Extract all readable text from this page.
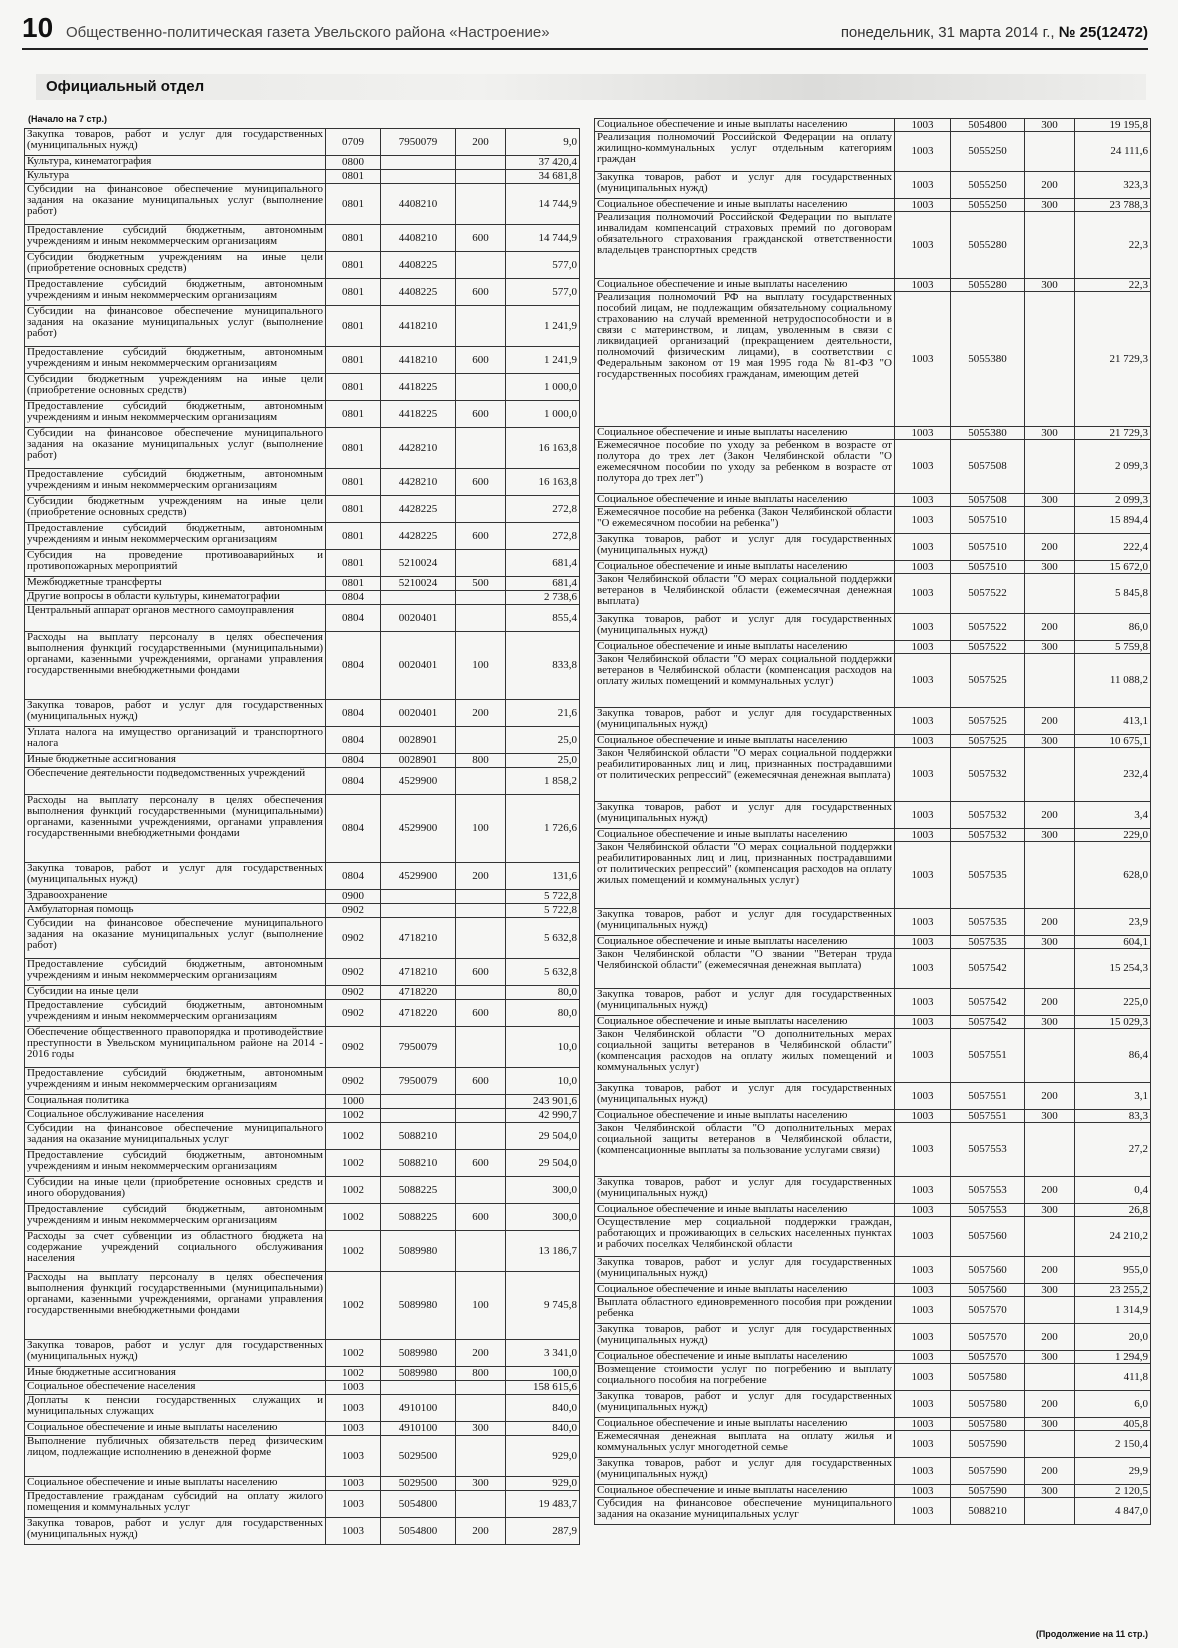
10 Общественно-политическая газета Увельского района «Настроение»	понедельник, 31 марта 2014 г., № 25(12472)
Официальный отдел
(Начало на 7 стр.)
Закупка товаров, работ и услуг для государственных (муниципальных нужд)	0709	7950079	200	9,0
Культура, кинематография	0800			37 420,4
Культура	0801			34 681,8
Субсидии на финансовое обеспечение муниципального задания на оказание муниципальных услуг (выполнение работ)	0801	4408210		14 744,9
Предоставление субсидий бюджетным, автономным учреждениям и иным некоммерческим организациям	0801	4408210	600	14 744,9
Субсидии бюджетным учреждениям на иные цели (приобретение основных средств)	0801	4408225		577,0
Предоставление субсидий бюджетным, автономным учреждениям и иным некоммерческим организациям	0801	4408225	600	577,0
Субсидии на финансовое обеспечение муниципального задания на оказание муниципальных услуг (выполнение работ)	0801	4418210		1 241,9
Предоставление субсидий бюджетным, автономным учреждениям и иным некоммерческим организациям	0801	4418210	600	1 241,9
Субсидии бюджетным учреждениям на иные цели (приобретение основных средств)	0801	4418225		1 000,0
Предоставление субсидий бюджетным, автономным учреждениям и иным некоммерческим организациям	0801	4418225	600	1 000,0
Субсидии на финансовое обеспечение муниципального задания на оказание муниципальных услуг (выполнение работ)	0801	4428210		16 163,8
Предоставление субсидий бюджетным, автономным учреждениям и иным некоммерческим организациям	0801	4428210	600	16 163,8
Субсидии бюджетным учреждениям на иные цели (приобретение основных средств)	0801	4428225		272,8
Предоставление субсидий бюджетным, автономным учреждениям и иным некоммерческим организациям	0801	4428225	600	272,8
Субсидия на проведение противоаварийных и противопожарных мероприятий	0801	5210024		681,4
Межбюджетные трансферты	0801	5210024	500	681,4
Другие вопросы в области культуры, кинематографии	0804			2 738,6
Центральный аппарат органов местного самоуправления	0804	0020401		855,4
Расходы на выплату персоналу в целях обеспечения выполнения функций государственными (муниципальными) органами, казенными учреждениями, органами управления государственными внебюджетными фондами	0804	0020401	100	833,8
Закупка товаров, работ и услуг для государственных (муниципальных нужд)	0804	0020401	200	21,6
Уплата налога на имущество организаций и транспортного налога	0804	0028901		25,0
Иные бюджетные ассигнования	0804	0028901	800	25,0
Обеспечение деятельности подведомственных учреждений	0804	4529900		1 858,2
Расходы на выплату персоналу в целях обеспечения выполнения функций государственными (муниципальными) органами, казенными учреждениями, органами управления государственными внебюджетными фондами	0804	4529900	100	1 726,6
Закупка товаров, работ и услуг для государственных (муниципальных нужд)	0804	4529900	200	131,6
Здравоохранение	0900			5 722,8
Амбулаторная помощь	0902			5 722,8
Субсидии на финансовое обеспечение муниципального задания на оказание муниципальных услуг (выполнение работ)	0902	4718210		5 632,8
Предоставление субсидий бюджетным, автономным учреждениям и иным некоммерческим организациям	0902	4718210	600	5 632,8
Субсидии на иные цели	0902	4718220		80,0
Предоставление субсидий бюджетным, автономным учреждениям и иным некоммерческим организациям	0902	4718220	600	80,0
Обеспечение общественного правопорядка и противодействие преступности в Увельском муниципальном районе на 2014 - 2016 годы	0902	7950079		10,0
Предоставление субсидий бюджетным, автономным учреждениям и иным некоммерческим организациям	0902	7950079	600	10,0
Социальная политика	1000			243 901,6
Социальное обслуживание населения	1002			42 990,7
Субсидии на финансовое обеспечение муниципального задания на оказание муниципальных услуг	1002	5088210		29 504,0
Предоставление субсидий бюджетным, автономным учреждениям и иным некоммерческим организациям	1002	5088210	600	29 504,0
Субсидии на иные цели (приобретение основных средств и иного оборудования)	1002	5088225		300,0
Предоставление субсидий бюджетным, автономным учреждениям и иным некоммерческим организациям	1002	5088225	600	300,0
Расходы за счет субвенции из областного бюджета на содержание учреждений социального обслуживания населения	1002	5089980		13 186,7
Расходы на выплату персоналу в целях обеспечения выполнения функций государственными (муниципальными) органами, казенными учреждениями, органами управления государственными внебюджетными фондами	1002	5089980	100	9 745,8
Закупка товаров, работ и услуг для государственных (муниципальных нужд)	1002	5089980	200	3 341,0
Иные бюджетные ассигнования	1002	5089980	800	100,0
Социальное обеспечение населения	1003			158 615,6
Доплаты к пенсии государственных служащих и муниципальных служащих	1003	4910100		840,0
Социальное обеспечение и иные выплаты населению	1003	4910100	300	840,0
Выполнение публичных обязательств перед физическим лицом, подлежащие исполнению в денежной форме	1003	5029500		929,0
Социальное обеспечение и иные выплаты населению	1003	5029500	300	929,0
Предоставление гражданам субсидий на оплату жилого помещения и коммунальных услуг	1003	5054800		19 483,7
Закупка товаров, работ и услуг для государственных (муниципальных нужд)	1003	5054800	200	287,9
Социальное обеспечение и иные выплаты населению	1003	5054800	300	19 195,8
Реализация полномочий Российской Федерации на оплату жилищно-коммунальных услуг отдельным категориям граждан	1003	5055250		24 111,6
Закупка товаров, работ и услуг для государственных (муниципальных нужд)	1003	5055250	200	323,3
Социальное обеспечение и иные выплаты населению	1003	5055250	300	23 788,3
Реализация полномочий Российской Федерации по выплате инвалидам компенсаций страховых премий по договорам обязательного страхования гражданской ответственности владельцев транспортных средств	1003	5055280		22,3
Социальное обеспечение и иные выплаты населению	1003	5055280	300	22,3
Реализация полномочий РФ на выплату государственных пособий лицам, не подлежащим обязательному социальному страхованию на случай временной нетрудоспособности и в связи с материнством, и лицам, уволенным в связи с ликвидацией организаций (прекращением деятельности, полномочий физическим лицами), в соответствии с Федеральным законом от 19 мая 1995 года № 81-ФЗ "О государственных пособиях гражданам, имеющим детей	1003	5055380		21 729,3
Социальное обеспечение и иные выплаты населению	1003	5055380	300	21 729,3
Ежемесячное пособие по уходу за ребенком в возрасте от полутора до трех лет (Закон Челябинской области "О ежемесячном пособии по уходу за ребенком в возрасте от полутора до трех лет")	1003	5057508		2 099,3
Социальное обеспечение и иные выплаты населению	1003	5057508	300	2 099,3
Ежемесячное пособие на ребенка (Закон Челябинской области "О ежемесячном пособии на ребенка")	1003	5057510		15 894,4
Закупка товаров, работ и услуг для государственных (муниципальных нужд)	1003	5057510	200	222,4
Социальное обеспечение и иные выплаты населению	1003	5057510	300	15 672,0
Закон Челябинской области "О мерах социальной поддержки ветеранов в Челябинской области (ежемесячная денежная выплата)	1003	5057522		5 845,8
Закупка товаров, работ и услуг для государственных (муниципальных нужд)	1003	5057522	200	86,0
Социальное обеспечение и иные выплаты населению	1003	5057522	300	5 759,8
Закон Челябинской области "О мерах социальной поддержки ветеранов в Челябинской области (компенсация расходов на оплату жилых помещений и коммунальных услуг)	1003	5057525		11 088,2
Закупка товаров, работ и услуг для государственных (муниципальных нужд)	1003	5057525	200	413,1
Социальное обеспечение и иные выплаты населению	1003	5057525	300	10 675,1
Закон Челябинской области "О мерах социальной поддержки реабилитированных лиц и лиц, признанных пострадавшими от политических репрессий" (ежемесячная денежная выплата)	1003	5057532		232,4
Закупка товаров, работ и услуг для государственных (муниципальных нужд)	1003	5057532	200	3,4
Социальное обеспечение и иные выплаты населению	1003	5057532	300	229,0
Закон Челябинской области "О мерах социальной поддержки реабилитированных лиц и лиц, признанных пострадавшими от политических репрессий" (компенсация расходов на оплату жилых помещений и коммунальных услуг)	1003	5057535		628,0
Закупка товаров, работ и услуг для государственных (муниципальных нужд)	1003	5057535	200	23,9
Социальное обеспечение и иные выплаты населению	1003	5057535	300	604,1
Закон Челябинской области "О звании "Ветеран труда Челябинской области" (ежемесячная денежная выплата)	1003	5057542		15 254,3
Закупка товаров, работ и услуг для государственных (муниципальных нужд)	1003	5057542	200	225,0
Социальное обеспечение и иные выплаты населению	1003	5057542	300	15 029,3
Закон Челябинской области "О дополнительных мерах социальной защиты ветеранов в Челябинской области" (компенсация расходов на оплату жилых помещений и коммунальных услуг)	1003	5057551		86,4
Закупка товаров, работ и услуг для государственных (муниципальных нужд)	1003	5057551	200	3,1
Социальное обеспечение и иные выплаты населению	1003	5057551	300	83,3
Закон Челябинской области "О дополнительных мерах социальной защиты ветеранов в Челябинской области, (компенсационные выплаты за пользование услугами связи)	1003	5057553		27,2
Закупка товаров, работ и услуг для государственных (муниципальных нужд)	1003	5057553	200	0,4
Социальное обеспечение и иные выплаты населению	1003	5057553	300	26,8
Осуществление мер социальной поддержки граждан, работающих и проживающих в сельских населенных пунктах и рабочих поселках Челябинской области	1003	5057560		24 210,2
Закупка товаров, работ и услуг для государственных (муниципальных нужд)	1003	5057560	200	955,0
Социальное обеспечение и иные выплаты населению	1003	5057560	300	23 255,2
Выплата областного единовременного пособия при рождении ребенка	1003	5057570		1 314,9
Закупка товаров, работ и услуг для государственных (муниципальных нужд)	1003	5057570	200	20,0
Социальное обеспечение и иные выплаты населению	1003	5057570	300	1 294,9
Возмещение стоимости услуг по погребению и выплату социального пособия на погребение	1003	5057580		411,8
Закупка товаров, работ и услуг для государственных (муниципальных нужд)	1003	5057580	200	6,0
Социальное обеспечение и иные выплаты населению	1003	5057580	300	405,8
Ежемесячная денежная выплата на оплату жилья и коммунальных услуг многодетной семье	1003	5057590		2 150,4
Закупка товаров, работ и услуг для государственных (муниципальных нужд)	1003	5057590	200	29,9
Социальное обеспечение и иные выплаты населению	1003	5057590	300	2 120,5
Субсидия на финансовое обеспечение муниципального задания на оказание муниципальных услуг	1003	5088210		4 847,0
(Продолжение на 11 стр.)
